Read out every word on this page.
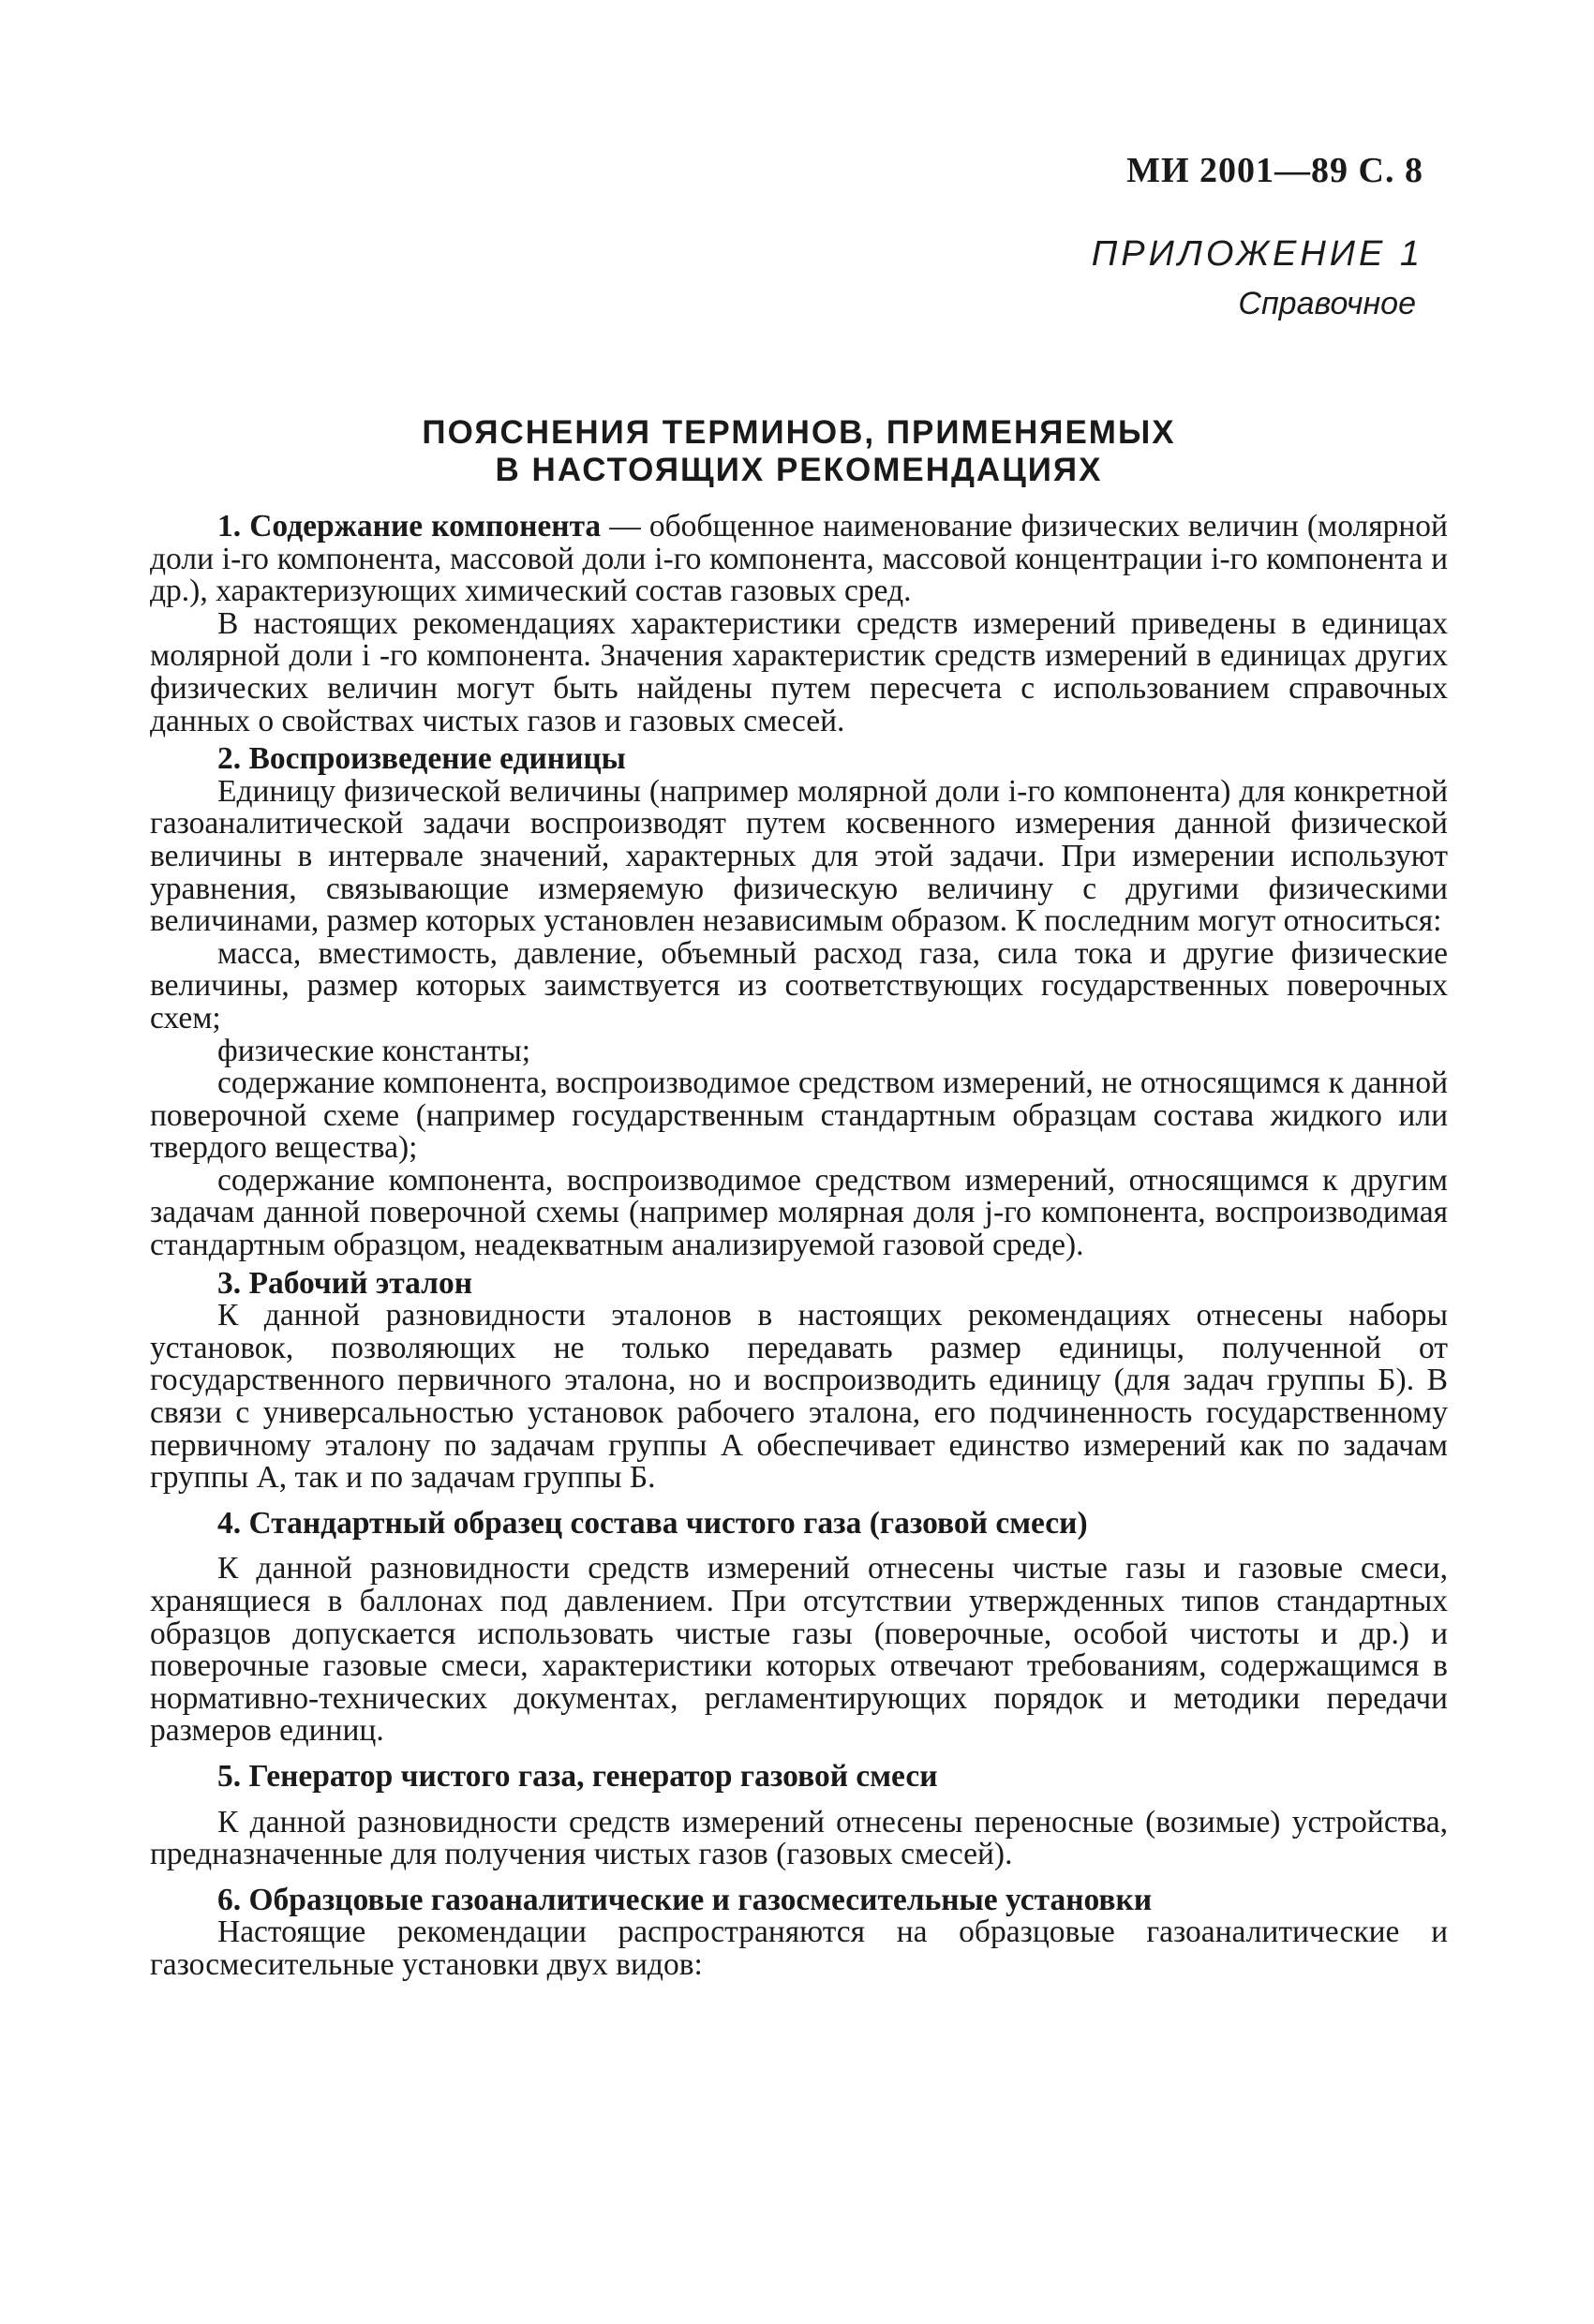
МИ 2001—89 С. 8
ПРИЛОЖЕНИЕ 1
Справочное
ПОЯСНЕНИЯ ТЕРМИНОВ, ПРИМЕНЯЕМЫХ
В НАСТОЯЩИХ РЕКОМЕНДАЦИЯХ

1. Содержание компонента — обобщенное наименование физических величин (молярной доли i-го компонента, массовой доли i-го компонента, массовой концентрации i-го компонента и др.), характеризующих химический состав газовых сред.

В настоящих рекомендациях характеристики средств измерений приведены в единицах молярной доли i -го компонента. Значения характеристик средств измерений в единицах других физических величин могут быть найдены путем пересчета с использованием справочных данных о свойствах чистых газов и газовых смесей.

2. Воспроизведение единицы

Единицу физической величины (например молярной доли i-го компонента) для конкретной газоаналитической задачи воспроизводят путем косвенного измерения данной физической величины в интервале значений, характерных для этой задачи. При измерении используют уравнения, связывающие измеряемую физическую величину с другими физическими величинами, размер которых установлен независимым образом. К последним могут относиться:

масса, вместимость, давление, объемный расход газа, сила тока и другие физические величины, размер которых заимствуется из соответствующих государственных поверочных схем;

физические константы;

содержание компонента, воспроизводимое средством измерений, не относящимся к данной поверочной схеме (например государственным стандартным образцам состава жидкого или твердого вещества);

содержание компонента, воспроизводимое средством измерений, относящимся к другим задачам данной поверочной схемы (например молярная доля j-го компонента, воспроизводимая стандартным образцом, неадекватным анализируемой газовой среде).

3. Рабочий эталон

К данной разновидности эталонов в настоящих рекомендациях отнесены наборы установок, позволяющих не только передавать размер единицы, полученной от государственного первичного эталона, но и воспроизводить единицу (для задач группы Б). В связи с универсальностью установок рабочего эталона, его подчиненность государственному первичному эталону по задачам группы А обеспечивает единство измерений как по задачам группы А, так и по задачам группы Б.

4. Стандартный образец состава чистого газа (газовой смеси)

К данной разновидности средств измерений отнесены чистые газы и газовые смеси, хранящиеся в баллонах под давлением. При отсутствии утвержденных типов стандартных образцов допускается использовать чистые газы (поверочные, особой чистоты и др.) и поверочные газовые смеси, характеристики которых отвечают требованиям, содержащимся в нормативно-технических документах, регламентирующих порядок и методики передачи размеров единиц.

5. Генератор чистого газа, генератор газовой смеси

К данной разновидности средств измерений отнесены переносные (возимые) устройства, предназначенные для получения чистых газов (газовых смесей).

6. Образцовые газоаналитические и газосмесительные установки

Настоящие рекомендации распространяются на образцовые газоаналитические и газосмесительные установки двух видов:
